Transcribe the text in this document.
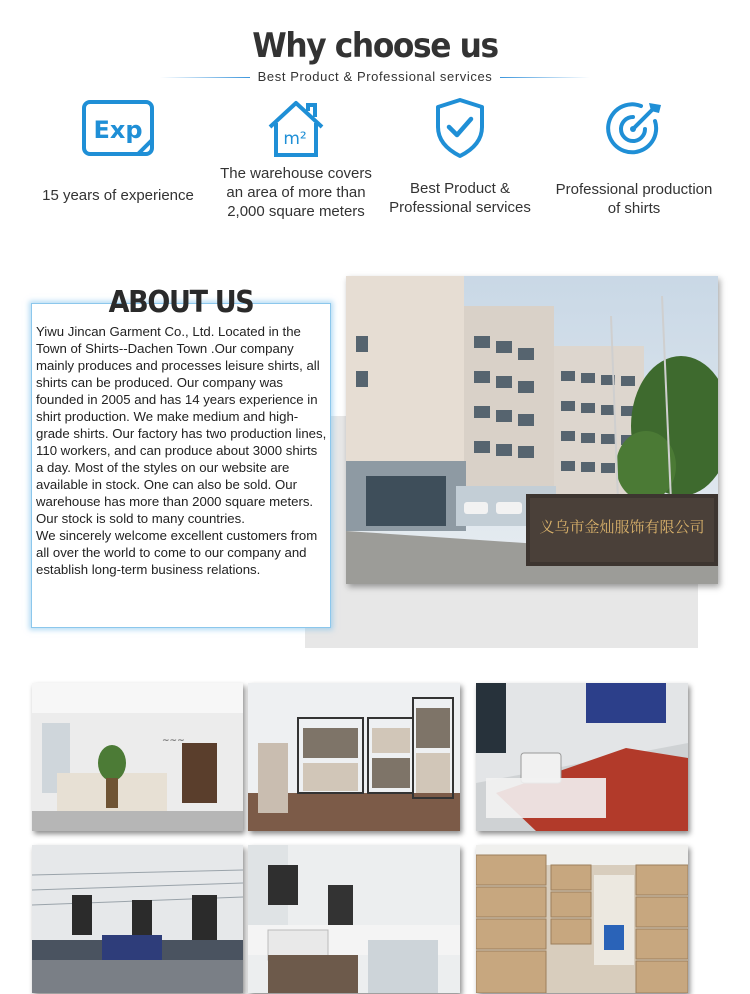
Why choose us
Best Product & Professional services
Exp
15 years of experience
m²
The warehouse covers an area of more than 2,000 square meters
Best Product & Professional services
Professional production of shirts
义乌市金灿服饰有限公司
ABOUT US

Yiwu Jincan Garment Co., Ltd. Located in the Town of Shirts--Dachen Town .Our company mainly produces and processes leisure shirts, all shirts can be produced. Our company was founded in 2005 and has 14 years experience in shirt production. We make medium and high-grade shirts. Our factory has two production lines, 110 workers, and can produce about 3000 shirts a day. Most of the styles on our website are available in stock. One can also be sold. Our warehouse has more than 2000 square meters. Our stock is sold to many countries.

We sincerely welcome excellent customers from all over the world to come to our company and establish long-term business relations.

~~~
